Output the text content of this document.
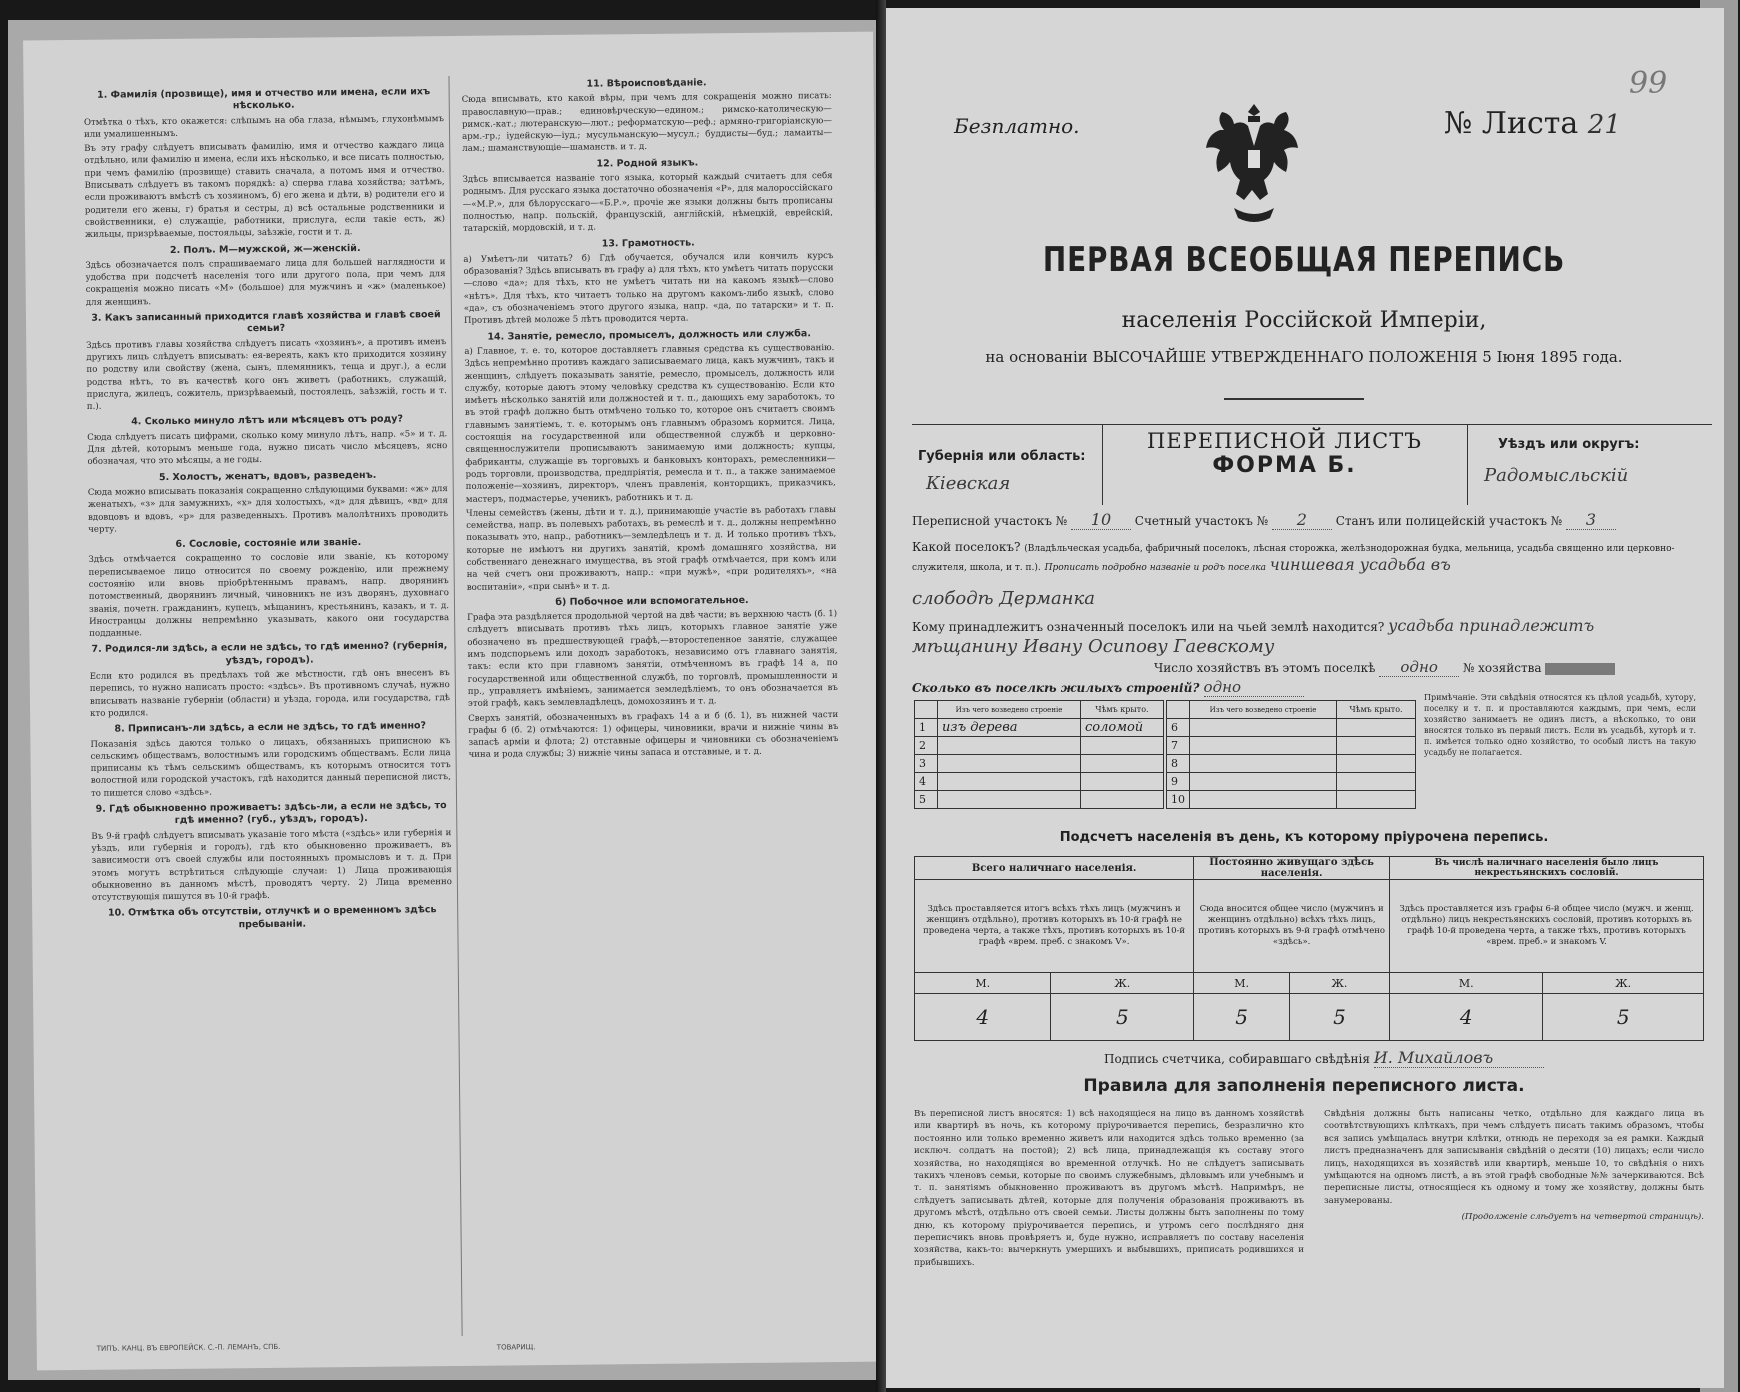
1. Фамилія (прозвище), имя и отчество или имена, если ихъ нѣсколько.
Отмѣтка о тѣхъ, кто окажется: слѣпымъ на оба глаза, нѣмымъ, глухонѣмымъ или умалишеннымъ.
Въ эту графу слѣдуетъ вписывать фамилію, имя и отчество каждаго лица отдѣльно, или фамилію и имена, если ихъ нѣсколько, и все писать полностью, при чемъ фамилію (прозвище) ставить сначала, а потомъ имя и отчество. Вписывать слѣдуетъ въ такомъ порядкѣ: а) сперва глава хозяйства; затѣмъ, если проживаютъ вмѣстѣ съ хозяиномъ, б) его жена и дѣти, в) родители его и родители его жены, г) братья и сестры, д) всѣ остальные родственники и свойственники, е) служащіе, работники, прислуга, если такіе есть, ж) жильцы, призрѣваемые, постояльцы, заѣзжіе, гости и т. д.
2. Полъ. М—мужской, ж—женскій.
Здѣсь обозначается полъ спрашиваемаго лица для большей наглядности и удобства при подсчетѣ населенія того или другого пола, при чемъ для сокращенія можно писать «М» (большое) для мужчинъ и «ж» (маленькое) для женщинъ.
3. Какъ записанный приходится главѣ хозяйства и главѣ своей семьи?
Здѣсь противъ главы хозяйства слѣдуетъ писать «хозяинъ», а противъ именъ другихъ лицъ слѣдуетъ вписывать: ея-вереять, какъ кто приходится хозяину по родству или свойству (жена, сынъ, племянникъ, теща и друг.), а если родства нѣтъ, то въ качествѣ кого онъ живетъ (работникъ, служащій, прислуга, жилецъ, сожитель, призрѣваемый, постоялецъ, заѣзжій, гость и т. п.).
4. Сколько минуло лѣтъ или мѣсяцевъ отъ роду?
Сюда слѣдуетъ писать цифрами, сколько кому минуло лѣтъ, напр. «5» и т. д. Для дѣтей, которымъ меньше года, нужно писать число мѣсяцевъ, ясно обозначая, что это мѣсяцы, а не годы.
5. Холостъ, женатъ, вдовъ, разведенъ.
Сюда можно вписывать показанія сокращенно слѣдующими буквами: «ж» для женатыхъ, «з» для замужнихъ, «х» для холостыхъ, «д» для дѣвицъ, «вд» для вдовцовъ и вдовъ, «р» для разведенныхъ. Противъ малолѣтнихъ проводить черту.
6. Сословіе, состояніе или званіе.
Здѣсь отмѣчается сокращенно то сословіе или званіе, къ которому переписываемое лицо относится по своему рожденію, или прежнему состоянію или вновь пріобрѣтеннымъ правамъ, напр. дворянинъ потомственный, дворянинъ личный, чиновникъ не изъ дворянъ, духовнаго званія, почетн. гражданинъ, купецъ, мѣщанинъ, крестьянинъ, казакъ, и т. д. Иностранцы должны непремѣнно указывать, какого они государства подданные.
7. Родился-ли здѣсь, а если не здѣсь, то гдѣ именно? (губернія, уѣздъ, городъ).
Если кто родился въ предѣлахъ той же мѣстности, гдѣ онъ внесенъ въ перепись, то нужно написать просто: «здѣсь». Въ противномъ случаѣ, нужно вписывать названіе губерніи (области) и уѣзда, города, или государства, гдѣ кто родился.
8. Приписанъ-ли здѣсь, а если не здѣсь, то гдѣ именно?
Показанія здѣсь даются только о лицахъ, обязанныхъ приписною къ сельскимъ обществамъ, волостнымъ или городскимъ обществамъ. Если лица приписаны къ тѣмъ сельскимъ обществамъ, къ которымъ относится тотъ волостной или городской участокъ, гдѣ находится данный переписной листъ, то пишется слово «здѣсь».
9. Гдѣ обыкновенно проживаетъ: здѣсь-ли, а если не здѣсь, то гдѣ именно? (губ., уѣздъ, городъ).
Въ 9-й графѣ слѣдуетъ вписывать указаніе того мѣста («здѣсь» или губернія и уѣздъ, или губернія и городъ), гдѣ кто обыкновенно проживаетъ, въ зависимости отъ своей службы или постоянныхъ промысловъ и т. д. При этомъ могутъ встрѣтиться слѣдующіе случаи: 1) Лица проживающія обыкновенно въ данномъ мѣстѣ, проводятъ черту. 2) Лица временно отсутствующія пишутся въ 10-й графѣ.
10. Отмѣтка объ отсутствіи, отлучкѣ и о временномъ здѣсь пребываніи.
11. Вѣроисповѣданіе.
Сюда вписывать, кто какой вѣры, при чемъ для сокращенія можно писать: православную—прав.; единовѣрческую—едином.; римско-католическую—римск.-кат.; лютеранскую—лют.; реформатскую—реф.; армяно-григоріанскую—арм.-гр.; іудейскую—іуд.; мусульманскую—мусул.; буддисты—буд.; ламаиты—лам.; шаманствующіе—шаманств. и т. д.
12. Родной языкъ.
Здѣсь вписывается названіе того языка, который каждый считаетъ для себя роднымъ. Для русскаго языка достаточно обозначенія «Р», для малороссійскаго—«М.Р.», для бѣлорусскаго—«Б.Р.», прочіе же языки должны быть прописаны полностью, напр. польскій, французскій, англійскій, нѣмецкій, еврейскій, татарскій, мордовскій, и т. д.
13. Грамотность.
а) Умѣетъ-ли читать? б) Гдѣ обучается, обучался или кончилъ курсъ образованія? Здѣсь вписывать въ графу а) для тѣхъ, кто умѣетъ читать порусски—слово «да»; для тѣхъ, кто не умѣетъ читать ни на какомъ языкѣ—слово «нѣтъ». Для тѣхъ, кто читаетъ только на другомъ какомъ-либо языкѣ, слово «да», съ обозначеніемъ этого другого языка, напр. «да, по татарски» и т. п. Противъ дѣтей моложе 5 лѣтъ проводится черта.
14. Занятіе, ремесло, промыселъ, должность или служба.
а) Главное, т. е. то, которое доставляетъ главныя средства къ существованію. Здѣсь непремѣнно противъ каждаго записываемаго лица, какъ мужчинъ, такъ и женщинъ, слѣдуетъ показывать занятіе, ремесло, промыселъ, должность или службу, которые даютъ этому человѣку средства къ существованію. Если кто имѣетъ нѣсколько занятій или должностей и т. п., дающихъ ему заработокъ, то въ этой графѣ должно быть отмѣчено только то, которое онъ считаетъ своимъ главнымъ занятіемъ, т. е. которымъ онъ главнымъ образомъ кормится. Лица, состоящія на государственной или общественной службѣ и церковно-священнослужители прописываютъ занимаемую ими должность; купцы, фабриканты, служащіе въ торговыхъ и банковыхъ конторахъ, ремесленники—родъ торговли, производства, предпріятія, ремесла и т. п., а также занимаемое положеніе—хозяинъ, директоръ, членъ правленія, конторщикъ, приказчикъ, мастеръ, подмастерье, ученикъ, работникъ и т. д.
Члены семействъ (жены, дѣти и т. д.), принимающіе участіе въ работахъ главы семейства, напр. въ полевыхъ работахъ, въ ремеслѣ и т. д., должны непремѣнно показывать это, напр., работникъ—земледѣлецъ и т. д. И только противъ тѣхъ, которые не имѣютъ ни другихъ занятій, кромѣ домашняго хозяйства, ни собственнаго денежнаго имущества, въ этой графѣ отмѣчается, при комъ или на чей счетъ они проживаютъ, напр.: «при мужѣ», «при родителяхъ», «на воспитаніи», «при сынѣ» и т. д.
б) Побочное или вспомогательное.
Графа эта раздѣляется продольной чертой на двѣ части; въ верхнюю часть (б. 1) слѣдуетъ вписывать противъ тѣхъ лицъ, которыхъ главное занятіе уже обозначено въ предшествующей графѣ,—второстепенное занятіе, служащее имъ подспорьемъ или доходъ заработокъ, независимо отъ главнаго занятія, такъ: если кто при главномъ занятіи, отмѣченномъ въ графѣ 14 а, по государственной или общественной службѣ, по торговлѣ, промышленности и пр., управляетъ имѣніемъ, занимается земледѣліемъ, то онъ обозначается въ этой графѣ, какъ землевладѣлецъ, домохозяинъ и т. д.
Сверхъ занятій, обозначенныхъ въ графахъ 14 а и б (б. 1), въ нижней части графы б (б. 2) отмѣчаются: 1) офицеры, чиновники, врачи и нижніе чины въ запасѣ арміи и флота; 2) отставные офицеры и чиновники съ обозначеніемъ чина и рода службы; 3) нижніе чины запаса и отставные, и т. д.
ТИПЪ. КАНЦ. ВЪ ЕВРОПЕЙСК. С.-П. ЛЕМАНЪ, СПБ.	ТОВАРИЩ.
99
Безплатно.	№ Листа 21
ПЕРВАЯ ВСЕОБЩАЯ ПЕРЕПИСЬ
населенія Россійской Имперіи,
на основаніи ВЫСОЧАЙШЕ УТВЕРЖДЕННАГО ПОЛОЖЕНІЯ 5 Іюня 1895 года.
Губернія или область:
Кіевская
ПЕРЕПИСНОЙ ЛИСТЪ
ФОРМА Б.
Уѣздъ или округъ:
Радомысльскій
Переписной участокъ № 10 Счетный участокъ № 2 Станъ или полицейскій участокъ № 3
Какой поселокъ? (Владѣльческая усадьба, фабричный поселокъ, лѣсная сторожка, желѣзнодорожная будка, мельница, усадьба священно или церковно-служителя, школа, и т. п.). Прописать подробно названіе и родъ поселка чиншевая усадьба въ
слободѣ Дерманка
Кому принадлежитъ означенный поселокъ или на чьей землѣ находится? усадьба принадлежитъ
мѣщанину Ивану Осипову Гаевскому
Число хозяйствъ въ этомъ поселкѣ одно № хозяйства
Сколько въ поселкѣ жилыхъ строеній? одно
	Изъ чего возведено строеніе	Чѣмъ крыто.
1	изъ дерева	соломой
2		
3		
4		
5		
	Изъ чего возведено строеніе	Чѣмъ крыто.
6		
7		
8		
9		
10		
Примѣчаніе. Эти свѣдѣнія относятся къ цѣлой усадьбѣ, хутору, поселку и т. п. и проставляются каждымъ, при чемъ, если хозяйство занимаетъ не одинъ листъ, а нѣсколько, то они вносятся только въ первый листъ. Если въ усадьбѣ, хуторѣ и т. п. имѣется только одно хозяйство, то особый листъ на такую усадьбу не полагается.
Подсчетъ населенія въ день, къ которому пріурочена перепись.
Всего наличнаго населенія.		Постоянно живущаго здѣсь населенія.		Въ числѣ наличнаго населенія было лицъ некрестьянскихъ сословій.	
Здѣсь проставляется итогъ всѣхъ тѣхъ лицъ (мужчинъ и женщинъ отдѣльно), противъ которыхъ въ 10-й графѣ не проведена черта, а также тѣхъ, противъ которыхъ въ 10-й графѣ «врем. преб. с знакомъ V».		Сюда вносится общее число (мужчинъ и женщинъ отдѣльно) всѣхъ тѣхъ лицъ, противъ которыхъ въ 9-й графѣ отмѣчено «здѣсь».		Здѣсь проставляется изъ графы 6-й общее число (мужч. и женщ. отдѣльно) лицъ некрестьянскихъ сословій, противъ которыхъ въ графѣ 10-й проведена черта, а также тѣхъ, противъ которыхъ «врем. преб.» и знакомъ V.	
М.	Ж.	М.	Ж.	М.	Ж.
4	5	5	5	4	5
Подпись счетчика, собиравшаго свѣдѣнія И. Михайловъ
Правила для заполненія переписного листа.
Въ переписной листъ вносятся: 1) всѣ находящіеся на лицо въ данномъ хозяйствѣ или квартирѣ въ ночь, къ которому пріурочивается перепись, безразлично кто постоянно или только временно живетъ или находится здѣсь только временно (за исключ. солдатъ на постой); 2) всѣ лица, принадлежащія къ составу этого хозяйства, но находящіяся во временной отлучкѣ. Но не слѣдуетъ записывать такихъ членовъ семьи, которые по своимъ служебнымъ, дѣловымъ или учебнымъ и т. п. занятіямъ обыкновенно проживаютъ въ другомъ мѣстѣ. Напримѣръ, не слѣдуетъ записывать дѣтей, которые для полученія образованія проживаютъ въ другомъ мѣстѣ, отдѣльно отъ своей семьи. Листы должны быть заполнены по тому дню, къ которому пріурочивается перепись, и утромъ сего послѣдняго дня переписчикъ вновь провѣряетъ и, буде нужно, исправляетъ по составу населенія хозяйства, какъ-то: вычеркнуть умершихъ и выбывшихъ, приписать родившихся и прибывшихъ.
Свѣдѣнія должны быть написаны четко, отдѣльно для каждаго лица въ соотвѣтствующихъ клѣткахъ, при чемъ слѣдуетъ писать такимъ образомъ, чтобы вся запись умѣщалась внутри клѣтки, отнюдь не переходя за ея рамки. Каждый листъ предназначенъ для записыванія свѣдѣній о десяти (10) лицахъ; если число лицъ, находящихся въ хозяйствѣ или квартирѣ, меньше 10, то свѣдѣнія о нихъ умѣщаются на одномъ листѣ, а въ этой графѣ свободные №№ зачеркиваются. Всѣ переписные листы, относящіеся къ одному и тому же хозяйству, должны быть занумерованы.
(Продолженіе слѣдуетъ на четвертой страницѣ).
